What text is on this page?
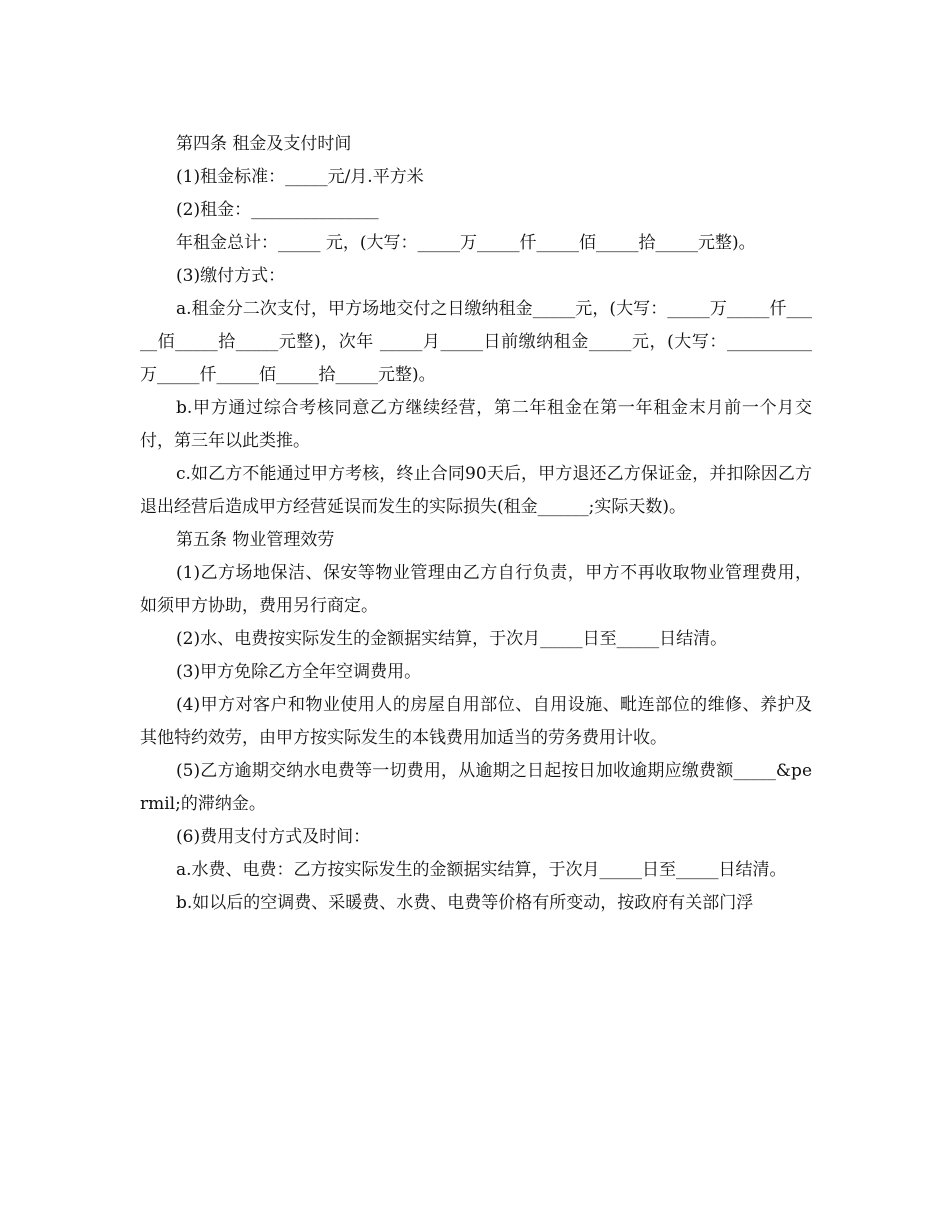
第四条 租金及支付时间

(1)租金标准：_____元/月.平方米

(2)租金：_______________

年租金总计：_____ 元，(大写：_____万_____仟_____佰_____拾_____元整)。

(3)缴付方式：

a.租金分二次支付，甲方场地交付之日缴纳租金_____元，(大写：_____万_____仟_____佰_____拾_____元整)，次年 _____月_____日前缴纳租金_____元，(大写：__________万_____仟_____佰_____拾_____元整)。

b.甲方通过综合考核同意乙方继续经营，第二年租金在第一年租金末月前一个月交付，第三年以此类推。

c.如乙方不能通过甲方考核，终止合同90天后，甲方退还乙方保证金，并扣除因乙方退出经营后造成甲方经营延误而发生的实际损失(租金______;实际天数)。

第五条 物业管理效劳

(1)乙方场地保洁、保安等物业管理由乙方自行负责，甲方不再收取物业管理费用，如须甲方协助，费用另行商定。

(2)水、电费按实际发生的金额据实结算，于次月_____日至_____日结清。

(3)甲方免除乙方全年空调费用。

(4)甲方对客户和物业使用人的房屋自用部位、自用设施、毗连部位的维修、养护及其他特约效劳，由甲方按实际发生的本钱费用加适当的劳务费用计收。

(5)乙方逾期交纳水电费等一切费用，从逾期之日起按日加收逾期应缴费额_____&permil;的滞纳金。

(6)费用支付方式及时间：

a.水费、电费：乙方按实际发生的金额据实结算，于次月_____日至_____日结清。

b.如以后的空调费、采暖费、水费、电费等价格有所变动，按政府有关部门浮
